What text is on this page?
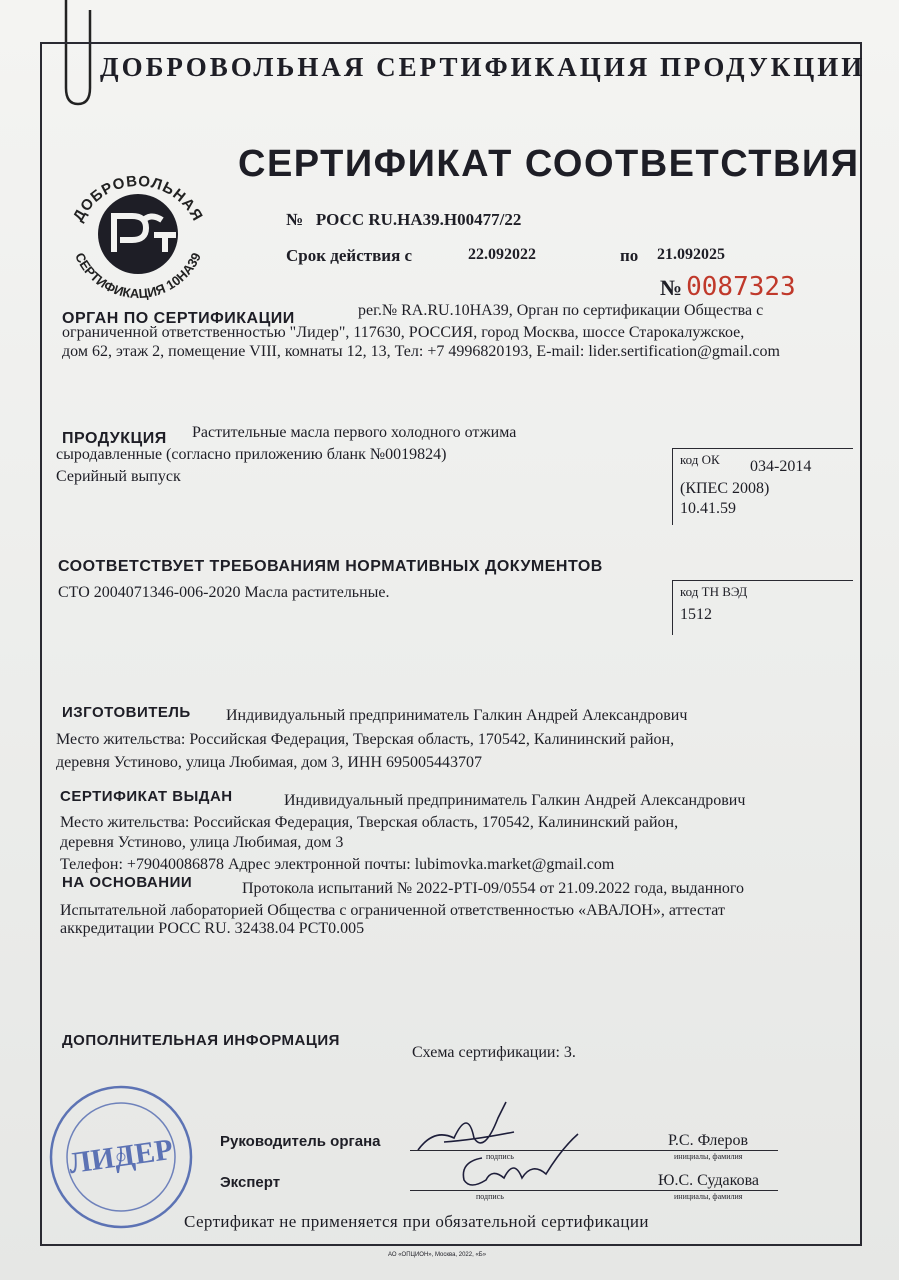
ДОБРОВОЛЬНАЯ СЕРТИФИКАЦИЯ ПРОДУКЦИИ
СЕРТИФИКАТ СООТВЕТСТВИЯ
ДОБРОВОЛЬНАЯ
СЕРТИФИКАЦИЯ 10НА39
№ РОСС RU.НА39.Н00477/22
Срок действия с	22.092022	по 21.092025
№ 0087323
ОРГАН ПО СЕРТИФИКАЦИИ	рег.№ RA.RU.10НА39, Орган по сертификации Общества с
ограниченной ответственностью "Лидер", 117630, РОССИЯ, город Москва, шоссе Старокалужское,
дом 62, этаж 2, помещение VIII, комнаты 12, 13, Тел: +7 4996820193, E-mail: lider.sertification@gmail.com
ПРОДУКЦИЯ Растительные масла первого холодного отжима
сыродавленные (согласно приложению бланк №0019824)
Серийный выпуск
код ОК 034-2014
(КПЕС 2008)
10.41.59
СООТВЕТСТВУЕТ ТРЕБОВАНИЯМ НОРМАТИВНЫХ ДОКУМЕНТОВ
СТО 2004071346-006-2020 Масла растительные.	код ТН ВЭД
1512
ИЗГОТОВИТЕЛЬ Индивидуальный предприниматель Галкин Андрей Александрович
Место жительства: Российская Федерация, Тверская область, 170542, Калининский район,
деревня Устиново, улица Любимая, дом 3, ИНН 695005443707
СЕРТИФИКАТ ВЫДАН	Индивидуальный предприниматель Галкин Андрей Александрович
Место жительства: Российская Федерация, Тверская область, 170542, Калининский район,
деревня Устиново, улица Любимая, дом 3
Телефон: +79040086878 Адрес электронной почты: lubimovka.market@gmail.com
НА ОСНОВАНИИ	Протокола испытаний № 2022-РТI-09/0554 от 21.09.2022 года, выданного
Испытательной лабораторией Общества с ограниченной ответственностью «АВАЛОН», аттестат
аккредитации РОСС RU. 32438.04 РСТ0.005
ДОПОЛНИТЕЛЬНАЯ ИНФОРМАЦИЯ
Схема сертификации: 3.
ЛИДЕР	Руководитель органа
подпись
Р.С. Флеров
инициалы, фамилия
Эксперт
подпись
Ю.С. Судакова
инициалы, фамилия
Сертификат не применяется при обязательной сертификации
АО «ОПЦИОН», Москва, 2022, «Б»
